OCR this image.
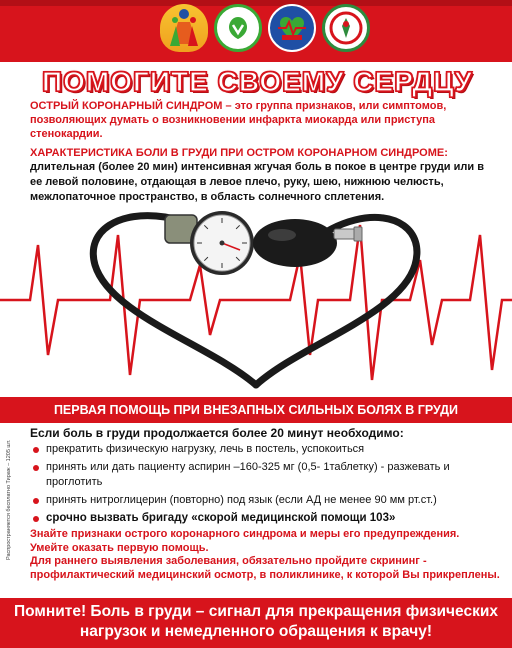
ПОМОГИТЕ СВОЕМУ СЕРДЦУ
ОСТРЫЙ КОРОНАРНЫЙ СИНДРОМ – это группа признаков, или симптомов, позволяющих думать о возникновении инфаркта миокарда или приступа стенокардии.
ХАРАКТЕРИСТИКА БОЛИ В ГРУДИ ПРИ ОСТРОМ КОРОНАРНОМ СИНДРОМЕ:
длительная (более 20 мин) интенсивная жгучая боль в покое в центре груди или в ее левой половине, отдающая в левое плечо, руку, шею, нижнюю челюсть, межлопаточное пространство, в область солнечного сплетения.
ПЕРВАЯ ПОМОЩЬ ПРИ ВНЕЗАПНЫХ СИЛЬНЫХ БОЛЯХ В ГРУДИ
Если боль в груди продолжается более 20 минут необходимо:
прекратить физическую нагрузку, лечь в постель, успокоиться
принять или дать пациенту аспирин –160-325 мг (0,5- 1таблетку) - разжевать и проглотить
принять нитроглицерин (повторно) под язык (если АД не менее 90 мм рт.ст.)
срочно вызвать бригаду «скорой медицинской помощи 103»
Распространяется бесплатно Тираж – 1205 шт. Знайте признаки острого коронарного синдрома и меры его предупреждения.

Умейте оказать первую помощь.

Для раннего выявления заболевания, обязательно пройдите скрининг - профилактический медицинский осмотр, в поликлинике, к которой Вы прикреплены.

Помните! Боль в груди – сигнал для прекращения физических нагрузок и немедленного обращения к врачу!
